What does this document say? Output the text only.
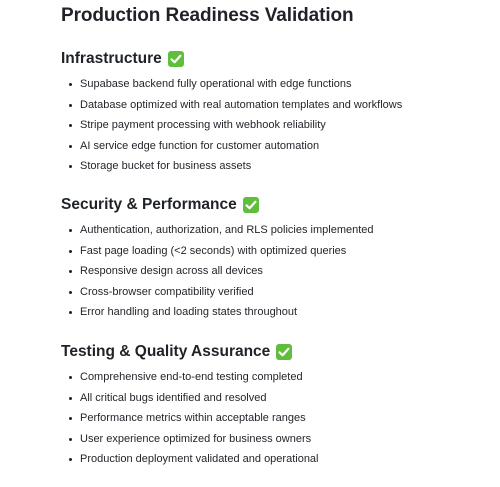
Production Readiness Validation
Infrastructure
Supabase backend fully operational with edge functions
Database optimized with real automation templates and workflows
Stripe payment processing with webhook reliability
AI service edge function for customer automation
Storage bucket for business assets
Security & Performance
Authentication, authorization, and RLS policies implemented
Fast page loading (<2 seconds) with optimized queries
Responsive design across all devices
Cross-browser compatibility verified
Error handling and loading states throughout
Testing & Quality Assurance
Comprehensive end-to-end testing completed
All critical bugs identified and resolved
Performance metrics within acceptable ranges
User experience optimized for business owners
Production deployment validated and operational
